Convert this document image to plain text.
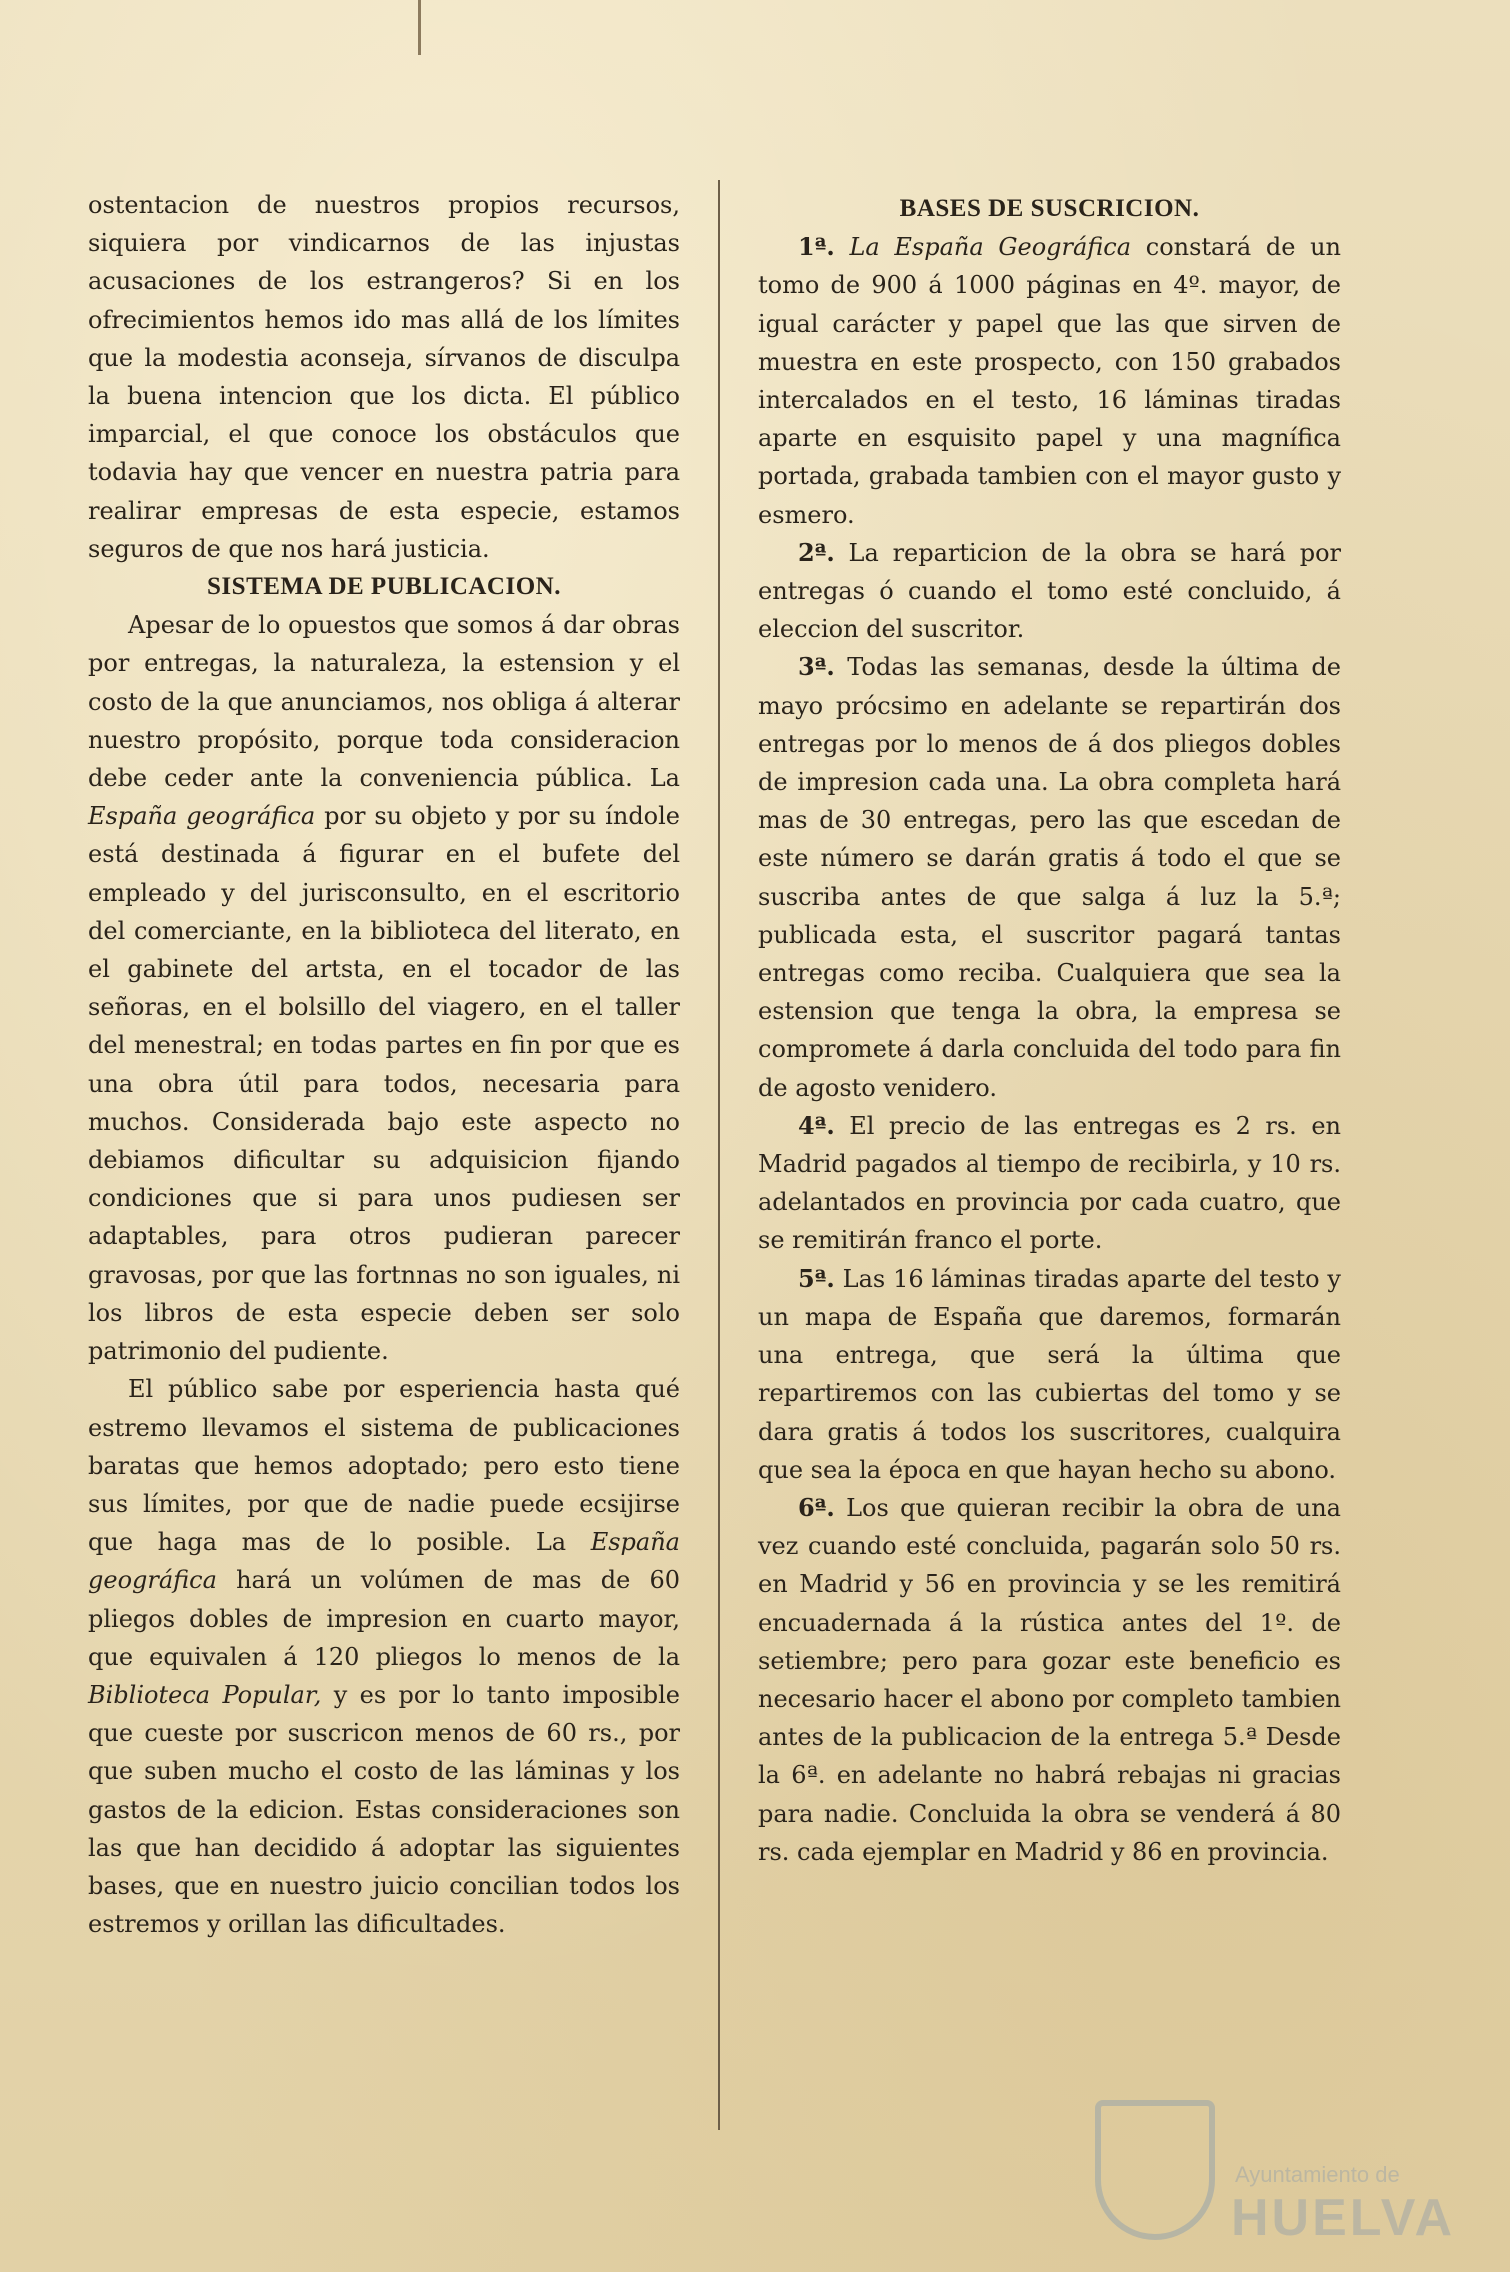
ostentacion de nuestros propios recursos, siquiera por vindicarnos de las injustas acusaciones de los estrangeros? Si en los ofrecimientos hemos ido mas allá de los límites que la modestia aconseja, sírvanos de disculpa la buena intencion que los dicta. El público imparcial, el que conoce los obstáculos que todavia hay que vencer en nuestra patria para realirar empresas de esta especie, estamos seguros de que nos hará justicia.

SISTEMA DE PUBLICACION.

Apesar de lo opuestos que somos á dar obras por entregas, la naturaleza, la estension y el costo de la que anunciamos, nos obliga á alterar nuestro propósito, porque toda consideracion debe ceder ante la conveniencia pública. La España geográfica por su objeto y por su índole está destinada á figurar en el bufete del empleado y del jurisconsulto, en el escritorio del comerciante, en la biblioteca del literato, en el gabinete del artsta, en el tocador de las señoras, en el bolsillo del viagero, en el taller del menestral; en todas partes en fin por que es una obra útil para todos, necesaria para muchos. Considerada bajo este aspecto no debiamos dificultar su adquisicion fijando condiciones que si para unos pudiesen ser adaptables, para otros pudieran parecer gravosas, por que las fortnnas no son iguales, ni los libros de esta especie deben ser solo patrimonio del pudiente.

El público sabe por esperiencia hasta qué estremo llevamos el sistema de publicaciones baratas que hemos adoptado; pero esto tiene sus límites, por que de nadie puede ecsijirse que haga mas de lo posible. La España geográfica hará un volúmen de mas de 60 pliegos dobles de impresion en cuarto mayor, que equivalen á 120 pliegos lo menos de la Biblioteca Popular, y es por lo tanto imposible que cueste por suscricon menos de 60 rs., por que suben mucho el costo de las láminas y los gastos de la edicion. Estas consideraciones son las que han decidido á adoptar las siguientes bases, que en nuestro juicio concilian todos los estremos y orillan las dificultades.

BASES DE SUSCRICION.

1ª. La España Geográfica constará de un tomo de 900 á 1000 páginas en 4º. mayor, de igual carácter y papel que las que sirven de muestra en este prospecto, con 150 grabados intercalados en el testo, 16 láminas tiradas aparte en esquisito papel y una magnífica portada, grabada tambien con el mayor gusto y esmero.

2ª. La reparticion de la obra se hará por entregas ó cuando el tomo esté concluido, á eleccion del suscritor.

3ª. Todas las semanas, desde la última de mayo prócsimo en adelante se repartirán dos entregas por lo menos de á dos pliegos dobles de impresion cada una. La obra completa hará mas de 30 entregas, pero las que escedan de este número se darán gratis á todo el que se suscriba antes de que salga á luz la 5.ª; publicada esta, el suscritor pagará tantas entregas como reciba. Cualquiera que sea la estension que tenga la obra, la empresa se compromete á darla concluida del todo para fin de agosto venidero.

4ª. El precio de las entregas es 2 rs. en Madrid pagados al tiempo de recibirla, y 10 rs. adelantados en provincia por cada cuatro, que se remitirán franco el porte.

5ª. Las 16 láminas tiradas aparte del testo y un mapa de España que daremos, formarán una entrega, que será la última que repartiremos con las cubiertas del tomo y se dara gratis á todos los suscritores, cualquira que sea la época en que hayan hecho su abono.

6ª. Los que quieran recibir la obra de una vez cuando esté concluida, pagarán solo 50 rs. en Madrid y 56 en provincia y se les remitirá encuadernada á la rústica antes del 1º. de setiembre; pero para gozar este beneficio es necesario hacer el abono por completo tambien antes de la publicacion de la entrega 5.ª Desde la 6ª. en adelante no habrá rebajas ni gracias para nadie. Concluida la obra se venderá á 80 rs. cada ejemplar en Madrid y 86 en provincia.

Ayuntamiento de
HUELVA
